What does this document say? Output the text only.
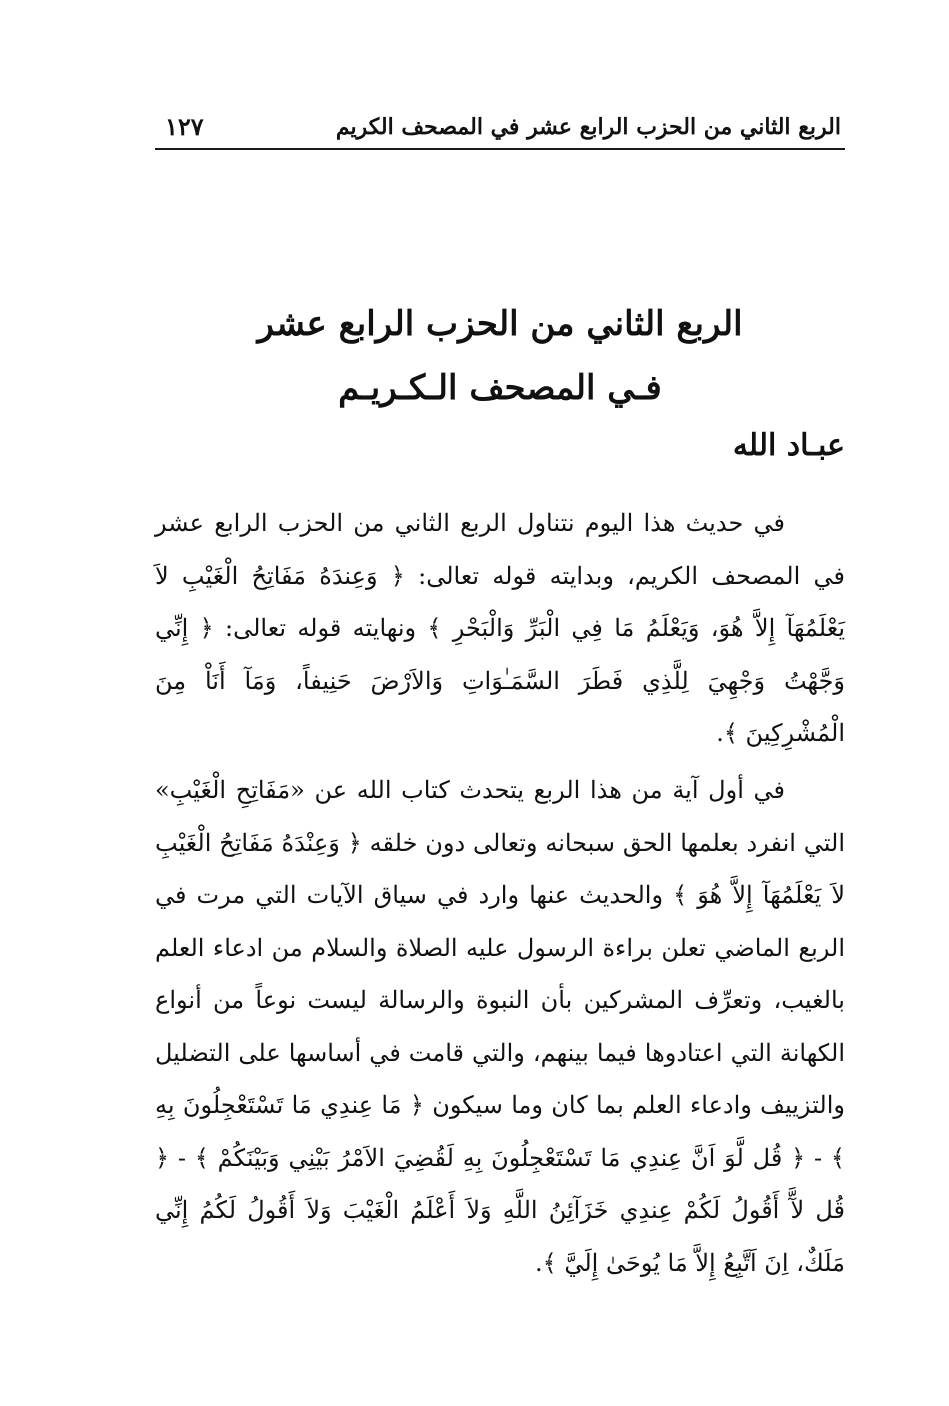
الربع الثاني من الحزب الرابع عشر في المصحف الكريم
١٢٧
الربع الثاني من الحزب الرابع عشر
فـي المصحف الـكـريـم
عبـاد الله

في حديث هذا اليوم نتناول الربع الثاني من الحزب الرابع عشر في المصحف الكريم، وبدايته قوله تعالى: ﴿ وَعِندَهُ مَفَاتِحُ الْغَيْبِ لاَ يَعْلَمُهَآ إِلاَّ هُوَ، وَيَعْلَمُ مَا فِي الْبَرِّ وَالْبَحْرِ ﴾ ونهايته قوله تعالى: ﴿ إِنِّي وَجَّهْتُ وَجْهِيَ لِلَّذِي فَطَرَ السَّمَـٰوَاتِ وَالاَرْضَ حَنِيفاً، وَمَآ أَنَاْ مِنَ الْمُشْرِكِينَ ﴾.

في أول آية من هذا الربع يتحدث كتاب الله عن «مَفَاتِحِ الْغَيْبِ» التي انفرد بعلمها الحق سبحانه وتعالى دون خلقه ﴿ وَعِنْدَهُ مَفَاتِحُ الْغَيْبِ لاَ يَعْلَمُهَآ إِلاَّ هُوَ ﴾ والحديث عنها وارد في سياق الآيات التي مرت في الربع الماضي تعلن براءة الرسول عليه الصلاة والسلام من ادعاء العلم بالغيب، وتعرِّف المشركين بأن النبوة والرسالة ليست نوعاً من أنواع الكهانة التي اعتادوها فيما بينهم، والتي قامت في أساسها على التضليل والتزييف وادعاء العلم بما كان وما سيكون ﴿ مَا عِندِي مَا تَسْتَعْجِلُونَ بِهِ ﴾ - ﴿ قُل لَّوَ اَنَّ عِندِي مَا تَسْتَعْجِلُونَ بِهِ لَقُضِيَ الاَمْرُ بَيْنِي وَبَيْنَكُمْ ﴾ - ﴿ قُل لآَّ أَقُولُ لَكُمْ عِندِي خَزَآئِنُ اللَّهِ وَلاَ أَعْلَمُ الْغَيْبَ وَلاَ أَقُولُ لَكُمُ إِنِّي مَلَكٌ، اِنَ اَتَّبِعُ إِلاَّ مَا يُوحَىٰ إِلَيَّ ﴾.
